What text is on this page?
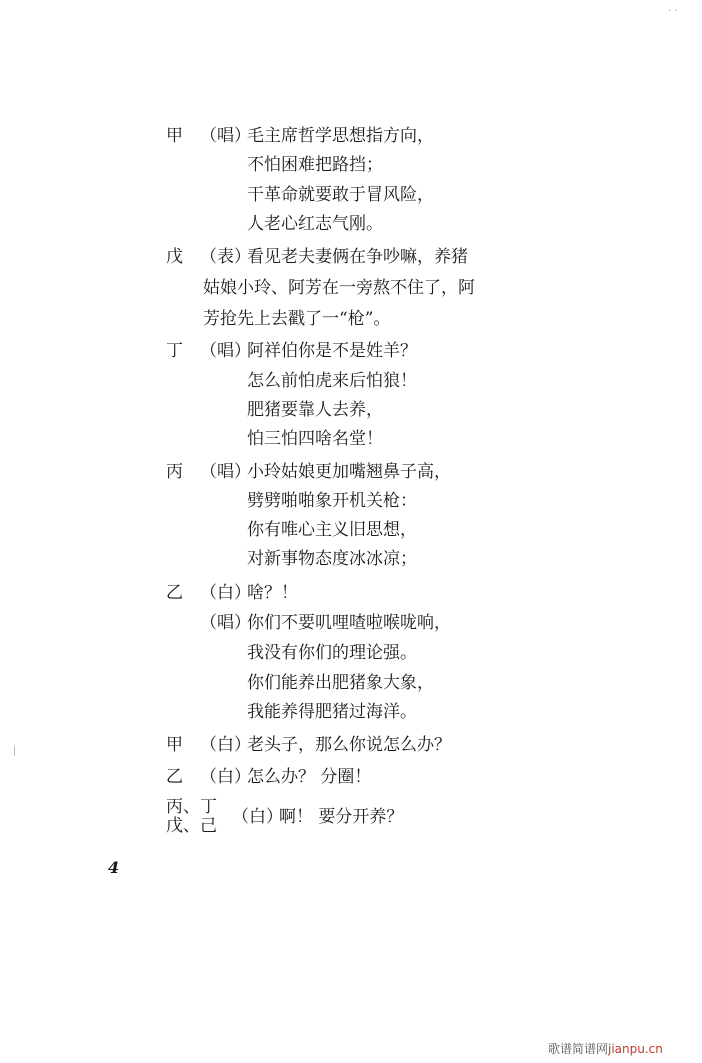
· ·
甲 （唱）
毛主席哲学思想指方向，
不怕困难把路挡；
干革命就要敢于冒风险，
人老心红志气刚。
戊 （表）
看见老夫妻俩在争吵嘛，养猪
姑娘小玲、阿芳在一旁熬不住了，阿
芳抢先上去戳了一“枪”。
丁 （唱）
阿祥伯你是不是姓羊？
怎么前怕虎来后怕狼！
肥猪要靠人去养，
怕三怕四啥名堂！
丙 （唱）
小玲姑娘更加嘴翘鼻子高，
劈劈啪啪象开机关枪：
你有唯心主义旧思想，
对新事物态度冰冰凉；
乙 （白）
啥？！
（唱）
你们不要叽哩喳啦喉咙响，
我没有你们的理论强。
你们能养出肥猪象大象，
我能养得肥猪过海洋。
甲 （白）
老头子，那么你说怎么办？
乙 （白）
怎么办？ 分圈！
丙、丁
戊、己 （白）
啊！ 要分开养？
4
歌谱简谱网jianpu.cn
